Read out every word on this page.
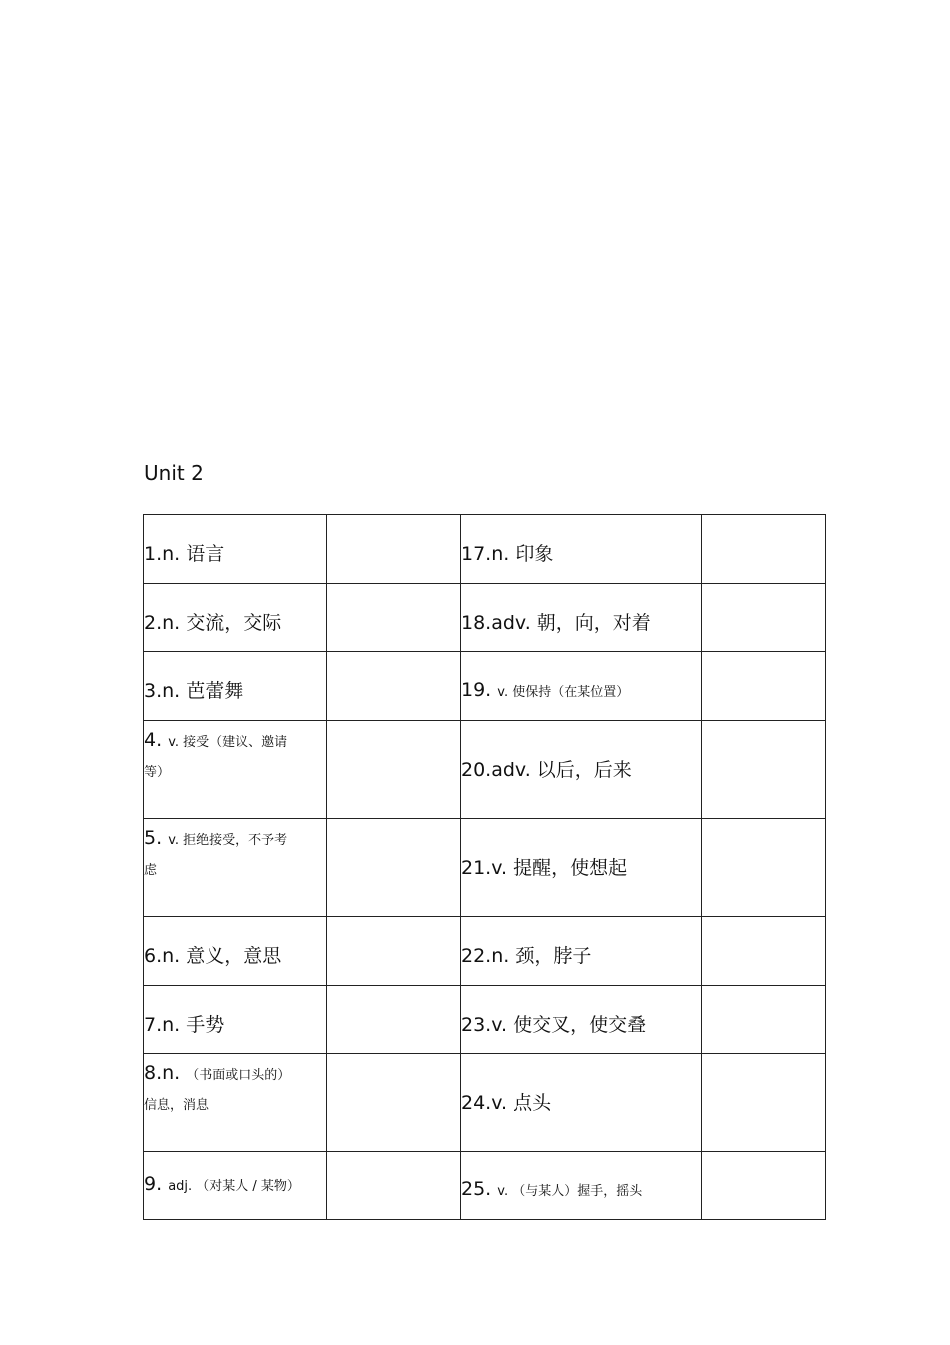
Unit 2
1.n. 语言		17.n. 印象	
2.n. 交流，交际		18.adv. 朝，向，对着	
3.n. 芭蕾舞		19. v. 使保持（在某位置）	

4. v. 接受（建议、邀请
等）		20.adv. 以后，后来	

5. v. 拒绝接受，不予考
虑		21.v. 提醒，使想起	
6.n. 意义，意思		22.n. 颈，脖子	
7.n. 手势		23.v. 使交叉，使交叠	

8.n. （书面或口头的）
信息，消息		24.v. 点头	
9. adj. （对某人 / 某物）		25. v. （与某人）握手，摇头	
